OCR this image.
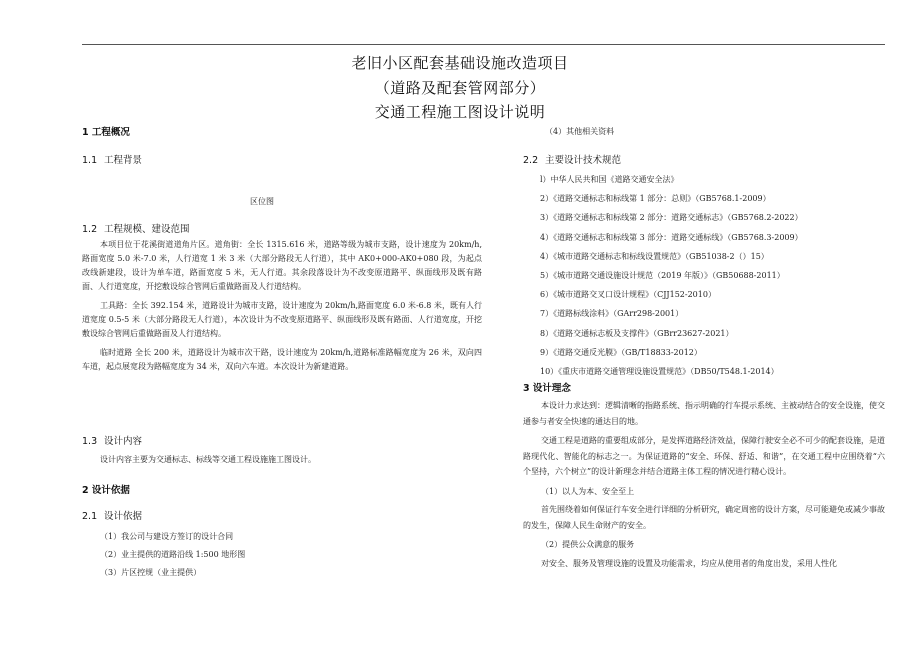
老旧小区配套基础设施改造项目
（道路及配套管网部分）
交通工程施工图设计说明
1 工程概况
1.1 工程背景
区位图
1.2 工程规模、建设范围

本项目位于花溪街道道角片区。道角街：全长 1315.616 米，道路等级为城市支路，设计速度为 20km/h,路面宽度 5.0 米-7.0 米，人行道宽 1 米 3 米（大部分路段无人行道），其中 AK0+000-AK0+080 段，为起点改线新建段，设计为单车道，路面宽度 5 米，无人行道。其余段落设计为不改变原道路平、纵面线形及既有路面、人行道宽度，开挖敷设综合管网后重做路面及人行道结构。

工具路：全长 392.154 米，道路设计为城市支路，设计速度为 20km/h,路面宽度 6.0 米-6.8 米，既有人行道宽度 0.5-5 米（大部分路段无人行道），本次设计为不改变原道路平、纵面线形及既有路面、人行道宽度，开挖敷设综合管网后重做路面及人行道结构。

临时道路 全长 200 米，道路设计为城市次干路，设计速度为 20km/h,道路标准路幅宽度为 26 米，双向四车道，起点展宽段为路幅宽度为 34 米，双向六车道。本次设计为新建道路。

1.3 设计内容
设计内容主要为交通标志、标线等交通工程设施施工图设计。
2 设计依据
2.1 设计依据
（1）我公司与建设方签订的设计合同
（2）业主提供的道路沿线 1:500 地形图
（3）片区控规（业主提供）
（4）其他相关资料
2.2 主要设计技术规范
l）中华人民共和国《道路交通安全法》
2）《道路交通标志和标线第 1 部分：总则》（GB5768.1-2009）
3）《道路交通标志和标线第 2 部分：道路交通标志》（GB5768.2-2022）
4）《道路交通标志和标线第 3 部分：道路交通标线》（GB5768.3-2009）
4）《城市道路交通标志和标线设置规范》（GB51038-2（）15）
5）《城市道路交通设施设计规范（2019 年版）》（GB50688-2011）
6）《城市道路交叉口设计规程》（CJJ152-2010）
7）《道路标线涂料》（GArr298-2001）
8）《道路交通标志板及支撑件》（GBrr23627-2021）
9）《道路交通反光膜》（GB/T18833-2012）
10）《重庆市道路交通管理设施设置规范》（DB50/T548.1-2014）
3 设计理念

本设计力求达到：逻辑清晰的指路系统、指示明确的行车提示系统、主被动结合的安全设施，使交通参与者安全快速的通达目的地。

交通工程是道路的重要组成部分，是发挥道路经济效益，保障行驶安全必不可少的配套设施，是道路现代化、智能化的标志之一。为保证道路的“安全、环保、舒适、和谐”，在交通工程中应围绕着“六个坚持，六个树立”的设计新理念并结合道路主体工程的情况进行精心设计。

（1）以人为本、安全至上

首先围绕着如何保证行车安全进行详细的分析研究，确定周密的设计方案，尽可能避免或减少事故的发生，保障人民生命财产的安全。

（2）提供公众满意的服务

对安全、服务及管理设施的设置及功能需求，均应从使用者的角度出发，采用人性化
